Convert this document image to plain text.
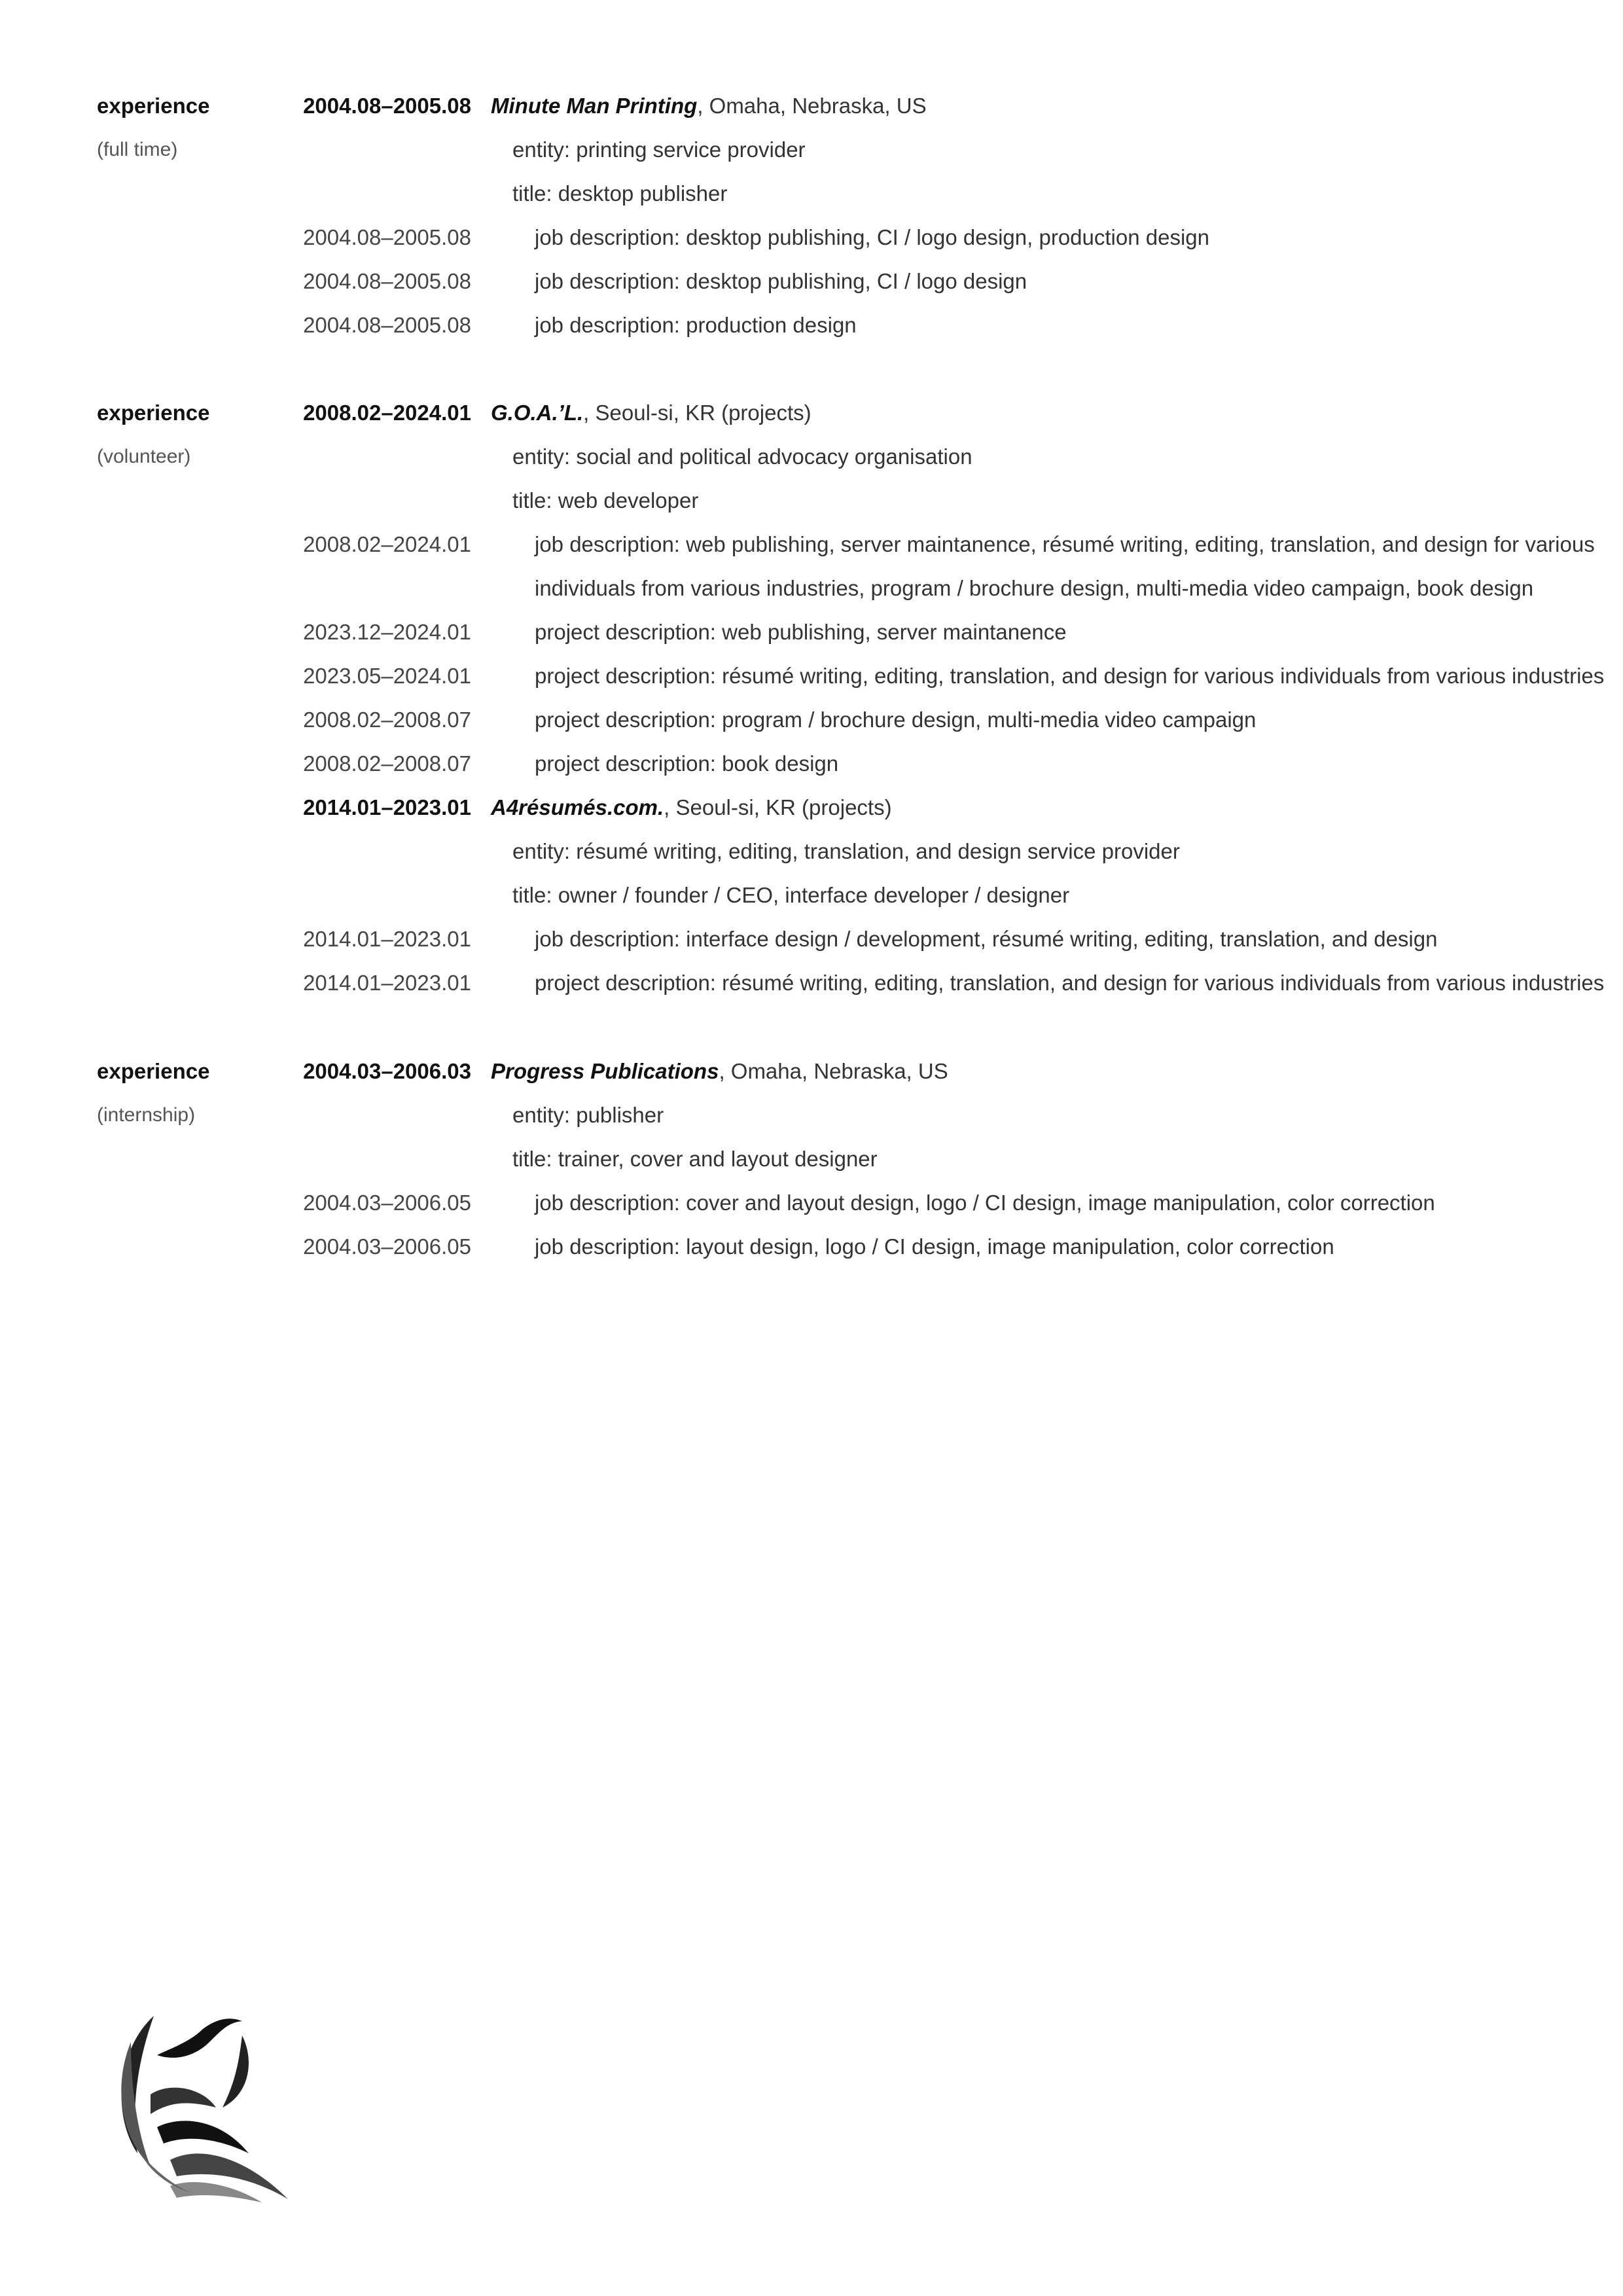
experience	2004.08–2005.08 Minute Man Printing, Omaha, Nebraska, US
(full time)	entity: printing service provider
title: desktop publisher
2004.08–2005.08	job description: desktop publishing, CI / logo design, production design
2004.08–2005.08	job description: desktop publishing, CI / logo design
2004.08–2005.08	job description: production design
experience	2008.02–2024.01 G.O.A.’L., Seoul-si, KR (projects)
(volunteer)	entity: social and political advocacy organisation
title: web developer
2008.02–2024.01	job description: web publishing, server maintanence, résumé writing, editing, translation, and design for various
individuals from various industries, program / brochure design, multi-media video campaign, book design
2023.12–2024.01	project description: web publishing, server maintanence
2023.05–2024.01	project description: résumé writing, editing, translation, and design for various individuals from various industries
2008.02–2008.07	project description: program / brochure design, multi-media video campaign
2008.02–2008.07	project description: book design
2014.01–2023.01 A4résumés.com., Seoul-si, KR (projects)
entity: résumé writing, editing, translation, and design service provider
title: owner / founder / CEO, interface developer / designer
2014.01–2023.01	job description: interface design / development, résumé writing, editing, translation, and design
2014.01–2023.01	project description: résumé writing, editing, translation, and design for various individuals from various industries
experience	2004.03–2006.03 Progress Publications, Omaha, Nebraska, US
(internship)	entity: publisher
title: trainer, cover and layout designer
2004.03–2006.05	job description: cover and layout design, logo / CI design, image manipulation, color correction
2004.03–2006.05	job description: layout design, logo / CI design, image manipulation, color correction
